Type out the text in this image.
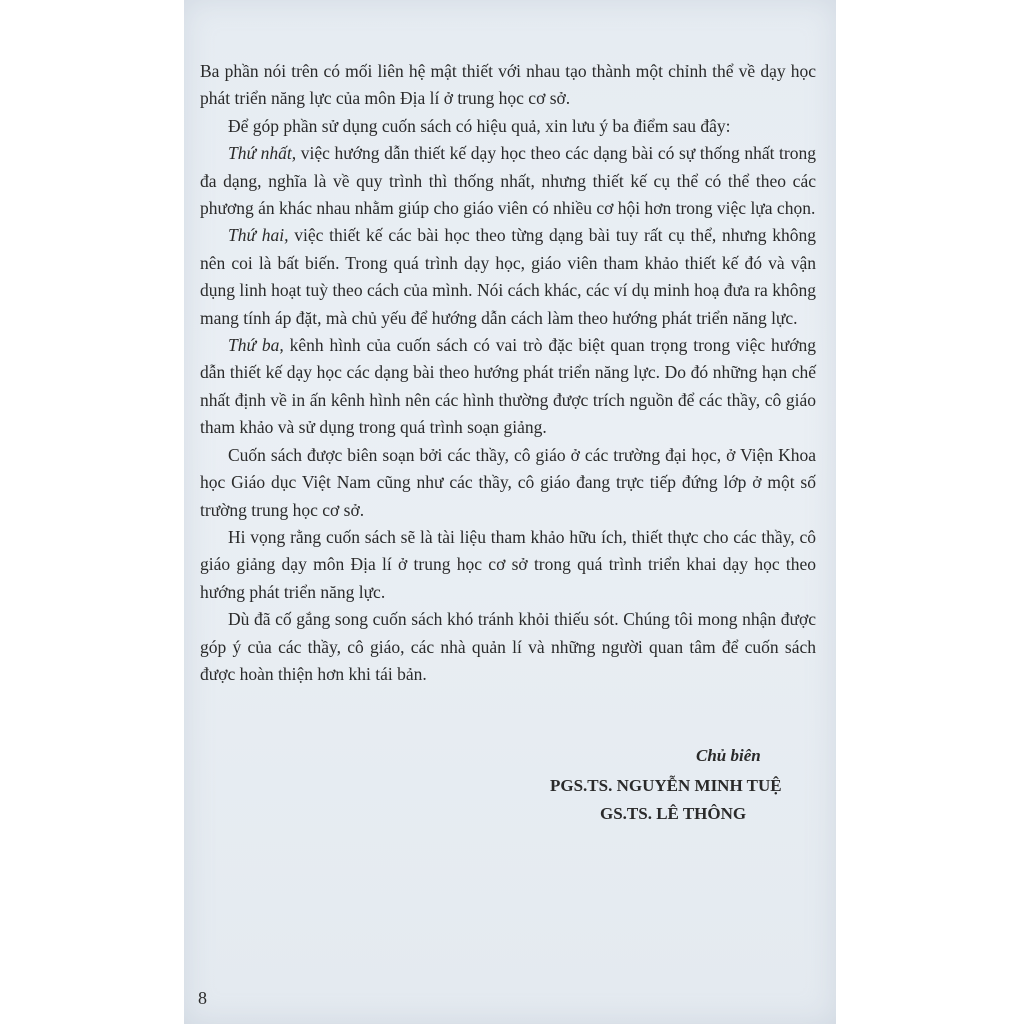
Ba phần nói trên có mối liên hệ mật thiết với nhau tạo thành một chỉnh thể về dạy học phát triển năng lực của môn Địa lí ở trung học cơ sở.

Để góp phần sử dụng cuốn sách có hiệu quả, xin lưu ý ba điểm sau đây:

Thứ nhất, việc hướng dẫn thiết kế dạy học theo các dạng bài có sự thống nhất trong đa dạng, nghĩa là về quy trình thì thống nhất, nhưng thiết kế cụ thể có thể theo các phương án khác nhau nhằm giúp cho giáo viên có nhiều cơ hội hơn trong việc lựa chọn.

Thứ hai, việc thiết kế các bài học theo từng dạng bài tuy rất cụ thể, nhưng không nên coi là bất biến. Trong quá trình dạy học, giáo viên tham khảo thiết kế đó và vận dụng linh hoạt tuỳ theo cách của mình. Nói cách khác, các ví dụ minh hoạ đưa ra không mang tính áp đặt, mà chủ yếu để hướng dẫn cách làm theo hướng phát triển năng lực.

Thứ ba, kênh hình của cuốn sách có vai trò đặc biệt quan trọng trong việc hướng dẫn thiết kế dạy học các dạng bài theo hướng phát triển năng lực. Do đó những hạn chế nhất định về in ấn kênh hình nên các hình thường được trích nguồn để các thầy, cô giáo tham khảo và sử dụng trong quá trình soạn giảng.

Cuốn sách được biên soạn bởi các thầy, cô giáo ở các trường đại học, ở Viện Khoa học Giáo dục Việt Nam cũng như các thầy, cô giáo đang trực tiếp đứng lớp ở một số trường trung học cơ sở.

Hi vọng rằng cuốn sách sẽ là tài liệu tham khảo hữu ích, thiết thực cho các thầy, cô giáo giảng dạy môn Địa lí ở trung học cơ sở trong quá trình triển khai dạy học theo hướng phát triển năng lực.

Dù đã cố gắng song cuốn sách khó tránh khỏi thiếu sót. Chúng tôi mong nhận được góp ý của các thầy, cô giáo, các nhà quản lí và những người quan tâm để cuốn sách được hoàn thiện hơn khi tái bản.

Chủ biên
PGS.TS. NGUYỄN MINH TUỆ
GS.TS. LÊ THÔNG
8
